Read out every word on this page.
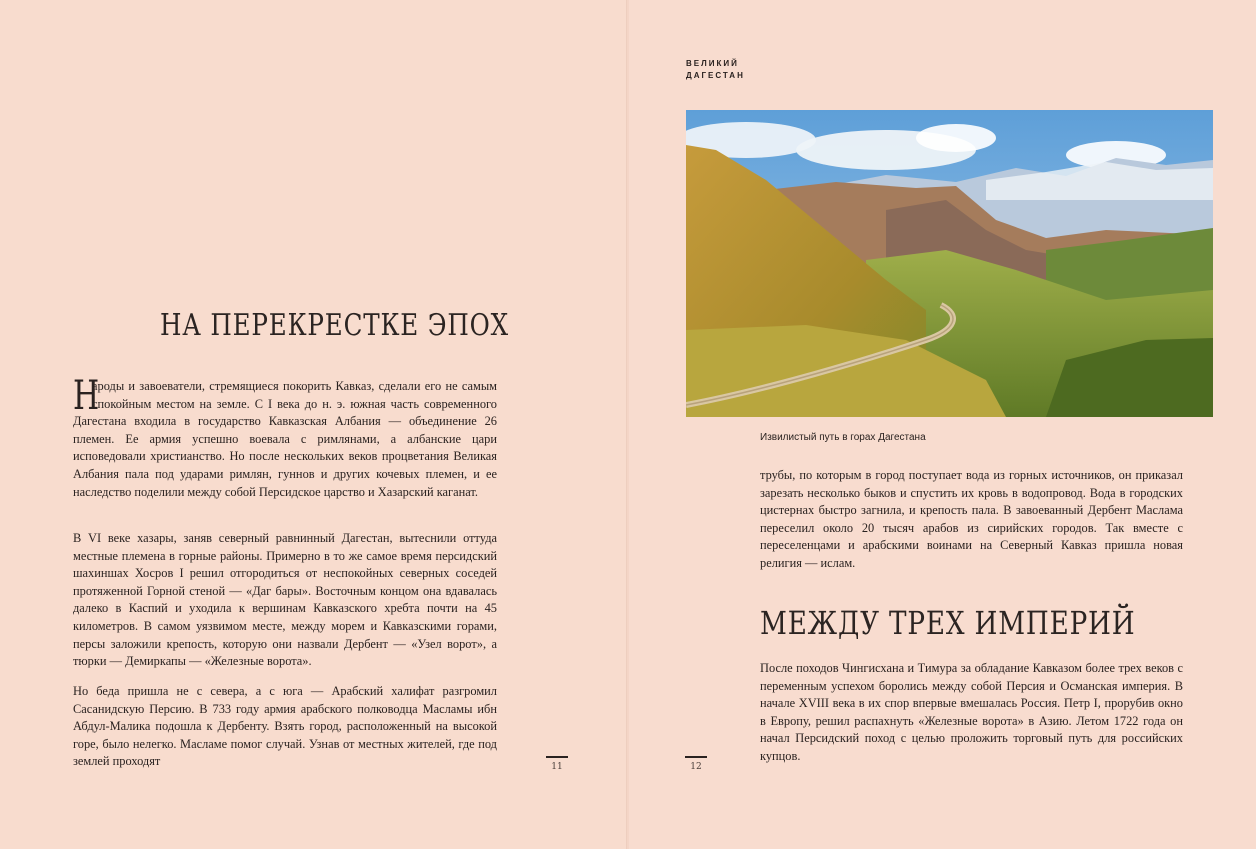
НА ПЕРЕКРЕСТКЕ ЭПОХ
Н
ароды и завоеватели, стремящиеся покорить Кавказ, сделали его не самым спокойным местом на земле. С I века до н. э. южная часть современного Дагестана входила в государство Кавказская Албания — объединение 26 племен. Ее армия успешно воевала с римлянами, а албанские цари исповедовали христианство. Но после нескольких веков процветания Великая Албания пала под ударами римлян, гуннов и других кочевых племен, и ее наследство поделили между собой Персидское царство и Хазарский каганат.

В VI веке хазары, заняв северный равнинный Дагестан, вытеснили оттуда местные племена в горные районы. Примерно в то же самое время персидский шахиншах Хосров I решил отгородиться от неспокойных северных соседей протяженной Горной стеной — «Даг бары». Восточным концом она вдавалась далеко в Каспий и уходила к вершинам Кавказского хребта почти на 45 километров. В самом уязвимом месте, между морем и Кавказскими горами, персы заложили крепость, которую они назвали Дербент — «Узел ворот», а тюрки — Демиркапы — «Железные ворота».

Но беда пришла не с севера, а с юга — Арабский халифат разгромил Сасанидскую Персию. В 733 году армия арабского полководца Масламы ибн Абдул-Малика подошла к Дербенту. Взять город, расположенный на высокой горе, было нелегко. Масламе помог случай. Узнав от местных жителей, где под землей проходят	11
ВЕЛИКИЙ
ДАГЕСТАН
Извилистый путь в горах Дагестана

трубы, по которым в город поступает вода из горных источников, он приказал зарезать несколько быков и спустить их кровь в водопровод. Вода в городских цистернах быстро загнила, и крепость пала. В завоеванный Дербент Маслама переселил около 20 тысяч арабов из сирийских городов. Так вместе с переселенцами и арабскими воинами на Северный Кавказ пришла новая религия — ислам.

МЕЖДУ ТРЕХ ИМПЕРИЙ

После походов Чингисхана и Тимура за обладание Кавказом более трех веков с переменным успехом боролись между собой Персия и Османская империя. В начале XVIII века в их спор впервые вмешалась Россия. Петр I, прорубив окно в Европу, решил распахнуть «Железные ворота» в Азию. Летом 1722 года он начал Персидский поход с целью проложить торговый путь для российских купцов.

12
